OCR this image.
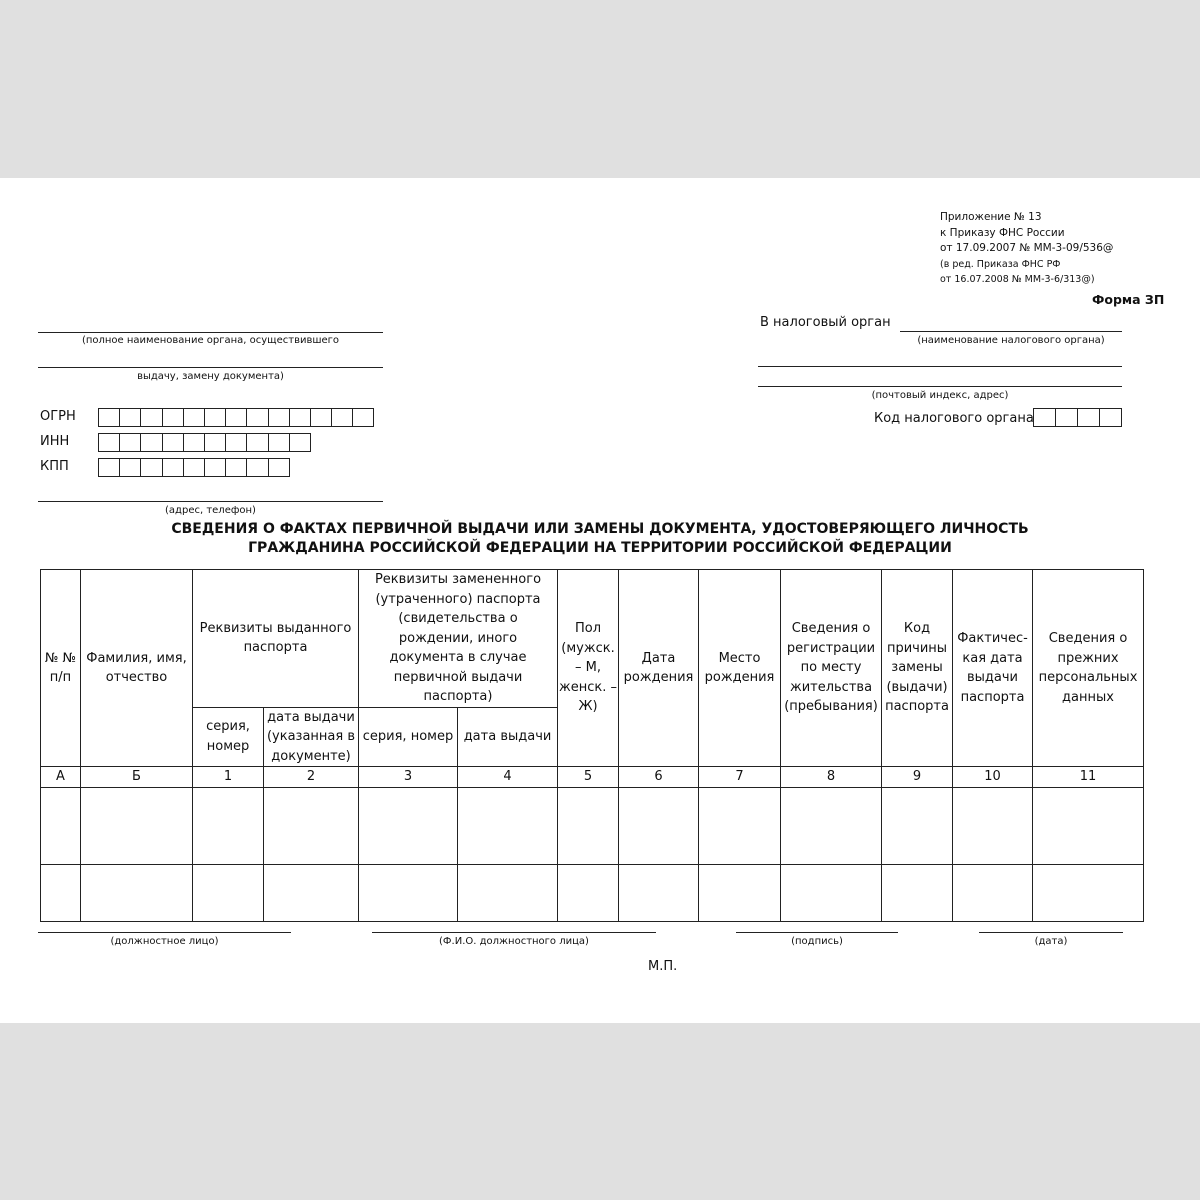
Приложение № 13
к Приказу ФНС России
от 17.09.2007 № ММ-3-09/536@
(в ред. Приказа ФНС РФ
от 16.07.2008 № ММ-3-6/313@)
Форма ЗП
(полное наименование органа, осуществившего
выдачу, замену документа)
ОГРН
ИНН
КПП
(адрес, телефон)
В налоговый орган
(наименование налогового органа)
(почтовый индекс, адрес)
Код налогового органа
СВЕДЕНИЯ О ФАКТАХ ПЕРВИЧНОЙ ВЫДАЧИ ИЛИ ЗАМЕНЫ ДОКУМЕНТА, УДОСТОВЕРЯЮЩЕГО ЛИЧНОСТЬ
ГРАЖДАНИНА РОССИЙСКОЙ ФЕДЕРАЦИИ НА ТЕРРИТОРИИ РОССИЙСКОЙ ФЕДЕРАЦИИ
№ № п/п	Фамилия, имя, отчество	Реквизиты выданного паспорта		Реквизиты замененного (утраченного) паспорта (свидетельства о рождении, иного документа в случае первичной выдачи паспорта)		Пол (мужск. – М, женск. – Ж)	Дата рождения	Место рождения	Сведения о регистрации по месту жительства (пребывания)	Код причины замены (выдачи) паспорта	Фактичес-кая дата выдачи паспорта	Сведения о прежних персональных данных
		серия, номер	дата выдачи (указанная в документе)	серия, номер	дата выдачи							
А	Б	1	2	3	4	5	6	7	8	9	10	11

(должностное лицо)	(Ф.И.О. должностного лица)	(подпись)	(дата)
М.П.
